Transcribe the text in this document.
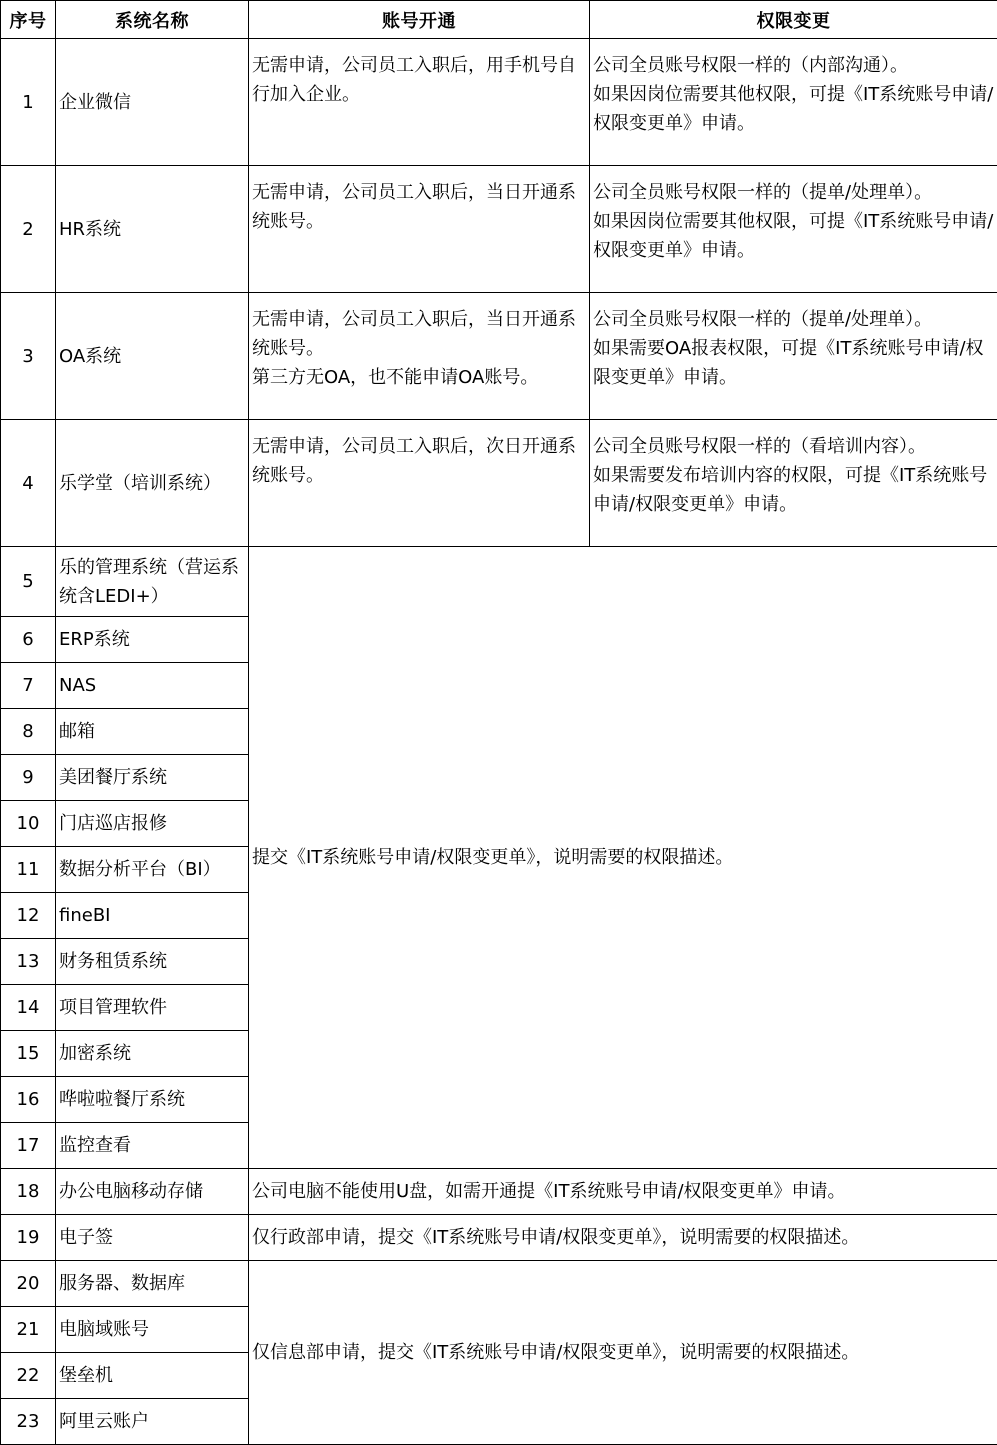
序号	系统名称	账号开通	权限变更
1	企业微信	无需申请，公司员工入职后，用手机号自行加入企业。	公司全员账号权限一样的（内部沟通）。
如果因岗位需要其他权限，可提《IT系统账号申请/权限变更单》申请。

2	HR系统	无需申请，公司员工入职后，当日开通系统账号。	公司全员账号权限一样的（提单/处理单）。
如果因岗位需要其他权限，可提《IT系统账号申请/权限变更单》申请。

3	OA系统	无需申请，公司员工入职后，当日开通系统账号。
第三方无OA，也不能申请OA账号。	公司全员账号权限一样的（提单/处理单）。
如果需要OA报表权限，可提《IT系统账号申请/权限变更单》申请。

4	乐学堂（培训系统）	无需申请，公司员工入职后，次日开通系统账号。	公司全员账号权限一样的（看培训内容）。
如果需要发布培训内容的权限，可提《IT系统账号申请/权限变更单》申请。

5	乐的管理系统（营运系统含LEDI+）	提交《IT系统账号申请/权限变更单》，说明需要的权限描述。	
6	ERP系统		
7	NAS		
8	邮箱		
9	美团餐厅系统		
10	门店巡店报修		
11	数据分析平台（BI）		
12	fineBI		
13	财务租赁系统		
14	项目管理软件		
15	加密系统		
16	哗啦啦餐厅系统		
17	监控查看		
18	办公电脑移动存储	公司电脑不能使用U盘，如需开通提《IT系统账号申请/权限变更单》申请。	
19	电子签	仅行政部申请，提交《IT系统账号申请/权限变更单》，说明需要的权限描述。	
20	服务器、数据库	仅信息部申请，提交《IT系统账号申请/权限变更单》，说明需要的权限描述。	
21	电脑域账号		
22	堡垒机		
23	阿里云账户		
